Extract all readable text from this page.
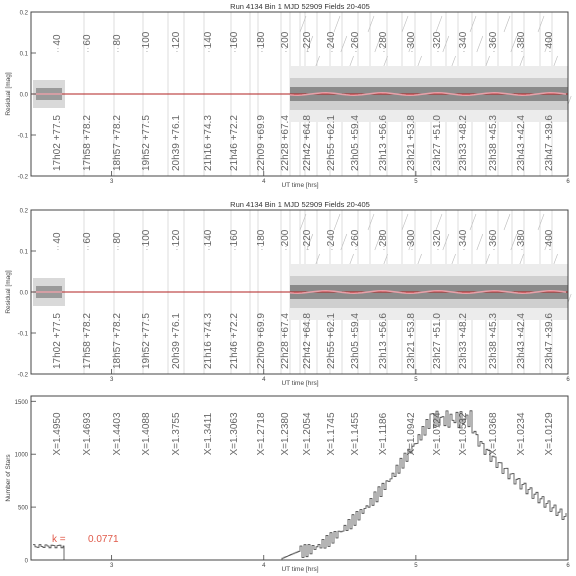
Run 4134 Bin 1 MJD 52909 Fields 20-405
Residual [mag]
UT time [hrs]
-0.2
-0.1
0.0
0.1
0.2
3	4	5	6
40
:
60
:
80
:
100
:
120
:
140
:
160
:
180
:
200
:
220
:
240
:
260
:
280
:
300
:
320
:
340
:
360
:
380
:
400
:
17h02 +77.5 17h58 +78.2 18h57 +78.2 19h52 +77.5 20h39 +76.1 21h16 +74.3 21h46 +72.2 22h09 +69.9 22h28 +67.4 22h42 +64.8 22h55 +62.1 23h05 +59.4 23h13 +56.6 23h21 +53.8 23h27 +51.0 23h33 +48.2 23h38 +45.3 23h43 +42.4 23h47 +39.6
Run 4134 Bin 1 MJD 52909 Fields 20-405
Residual [mag]
UT time [hrs]
-0.2
-0.1
0.0
0.1
0.2
3	4	5	6
40
:
60
:
80
:
100
:
120
:
140
:
160
:
180
:
200
:
220
:
240
:
260
:
280
:
300
:
320
:
340
:
360
:
380
:
400
:
17h02 +77.5 17h58 +78.2 18h57 +78.2 19h52 +77.5 20h39 +76.1 21h16 +74.3 21h46 +72.2 22h09 +69.9 22h28 +67.4 22h42 +64.8 22h55 +62.1 23h05 +59.4 23h13 +56.6 23h21 +53.8 23h27 +51.0 23h33 +48.2 23h38 +45.3 23h43 +42.4 23h47 +39.6
Number of Stars
UT time [hrs]
0
500
1000
1500
3	4	5	6
X=1.4950 X=1.4693 X=1.4403 X=1.4088 X=1.3755 X=1.3411 X=1.3063 X=1.2718 X=1.2380 X=1.2054 X=1.1745 X=1.1455 X=1.1186 X=1.0942 X=1.0724 X=1.0532 X=1.0368 X=1.0234 X=1.0129
k = 0.0771
